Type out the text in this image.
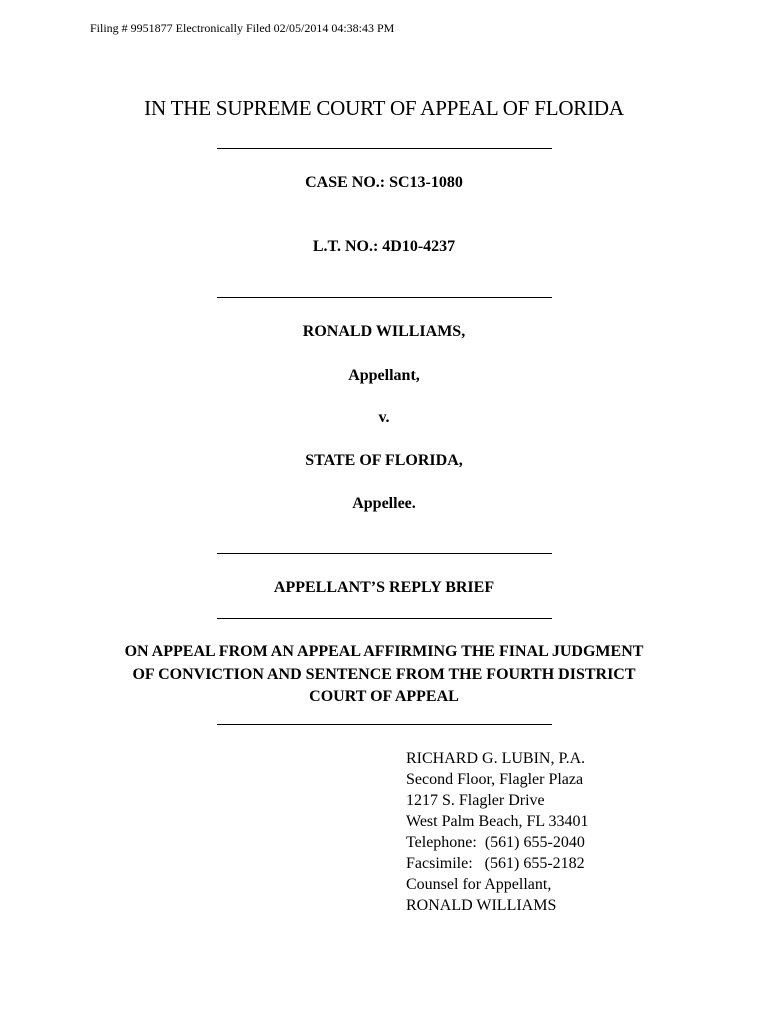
Filing # 9951877 Electronically Filed 02/05/2014 04:38:43 PM
IN THE SUPREME COURT OF APPEAL OF FLORIDA
CASE NO.: SC13-1080
L.T. NO.: 4D10-4237
RONALD WILLIAMS,
Appellant,
v.
STATE OF FLORIDA,
Appellee.
APPELLANT’S REPLY BRIEF
ON APPEAL FROM AN APPEAL AFFIRMING THE FINAL JUDGMENT
OF CONVICTION AND SENTENCE FROM THE FOURTH DISTRICT
COURT OF APPEAL
RICHARD G. LUBIN, P.A.
Second Floor, Flagler Plaza
1217 S. Flagler Drive
West Palm Beach, FL 33401
Telephone:  (561) 655-2040
Facsimile:   (561) 655-2182
Counsel for Appellant,
RONALD WILLIAMS
